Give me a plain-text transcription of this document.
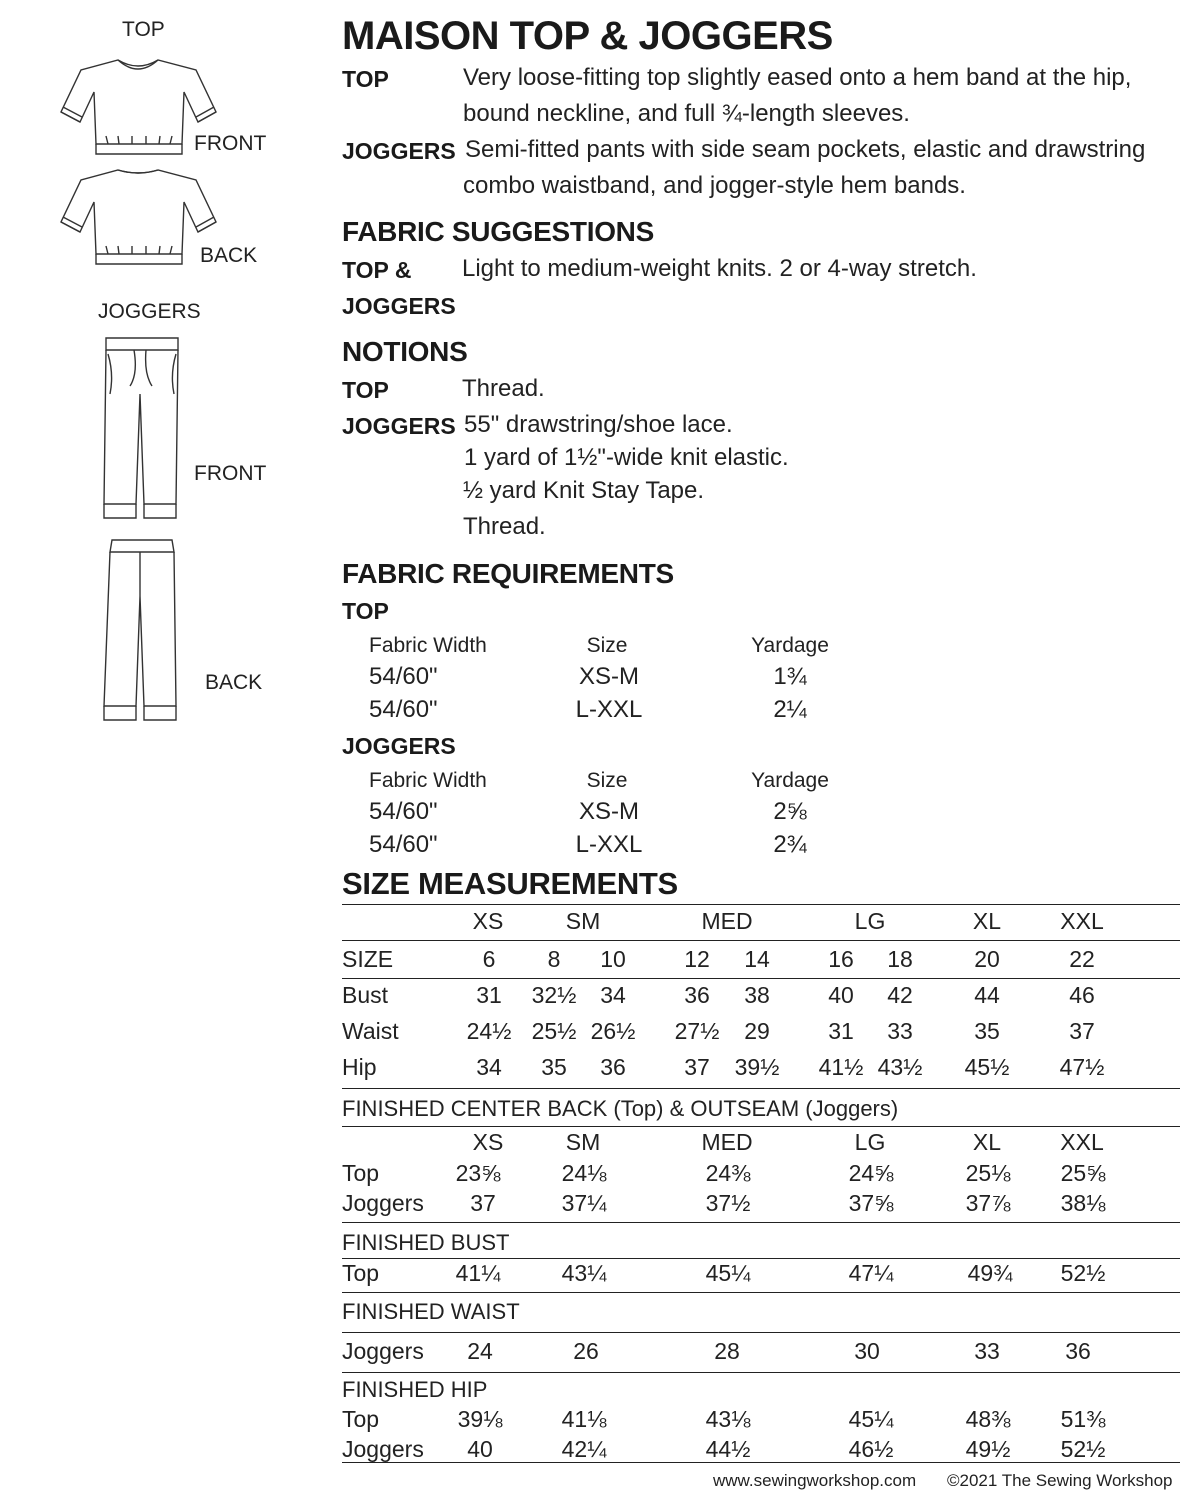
TOP
FRONT
BACK
JOGGERS
FRONT
BACK
MAISON TOP & JOGGERS
TOP	Very loose-fitting top slightly eased onto a hem band at the hip,
bound neckline, and full ¾-length sleeves.
JOGGERS Semi-fitted pants with side seam pockets, elastic and drawstring
combo waistband, and jogger-style hem bands.
FABRIC SUGGESTIONS
TOP &
JOGGERS
Light to medium-weight knits. 2 or 4-way stretch.
NOTIONS
TOP	Thread.
JOGGERS 55" drawstring/shoe lace.
1 yard of 1½"-wide knit elastic.
½ yard Knit Stay Tape.
Thread.
FABRIC REQUIREMENTS
TOP
Fabric Width	Size	Yardage
54/60"	XS-M	1¾
54/60"	L-XXL	2¼
JOGGERS
Fabric Width	Size	Yardage
54/60"	XS-M	2⅝
54/60"	L-XXL	2¾
SIZE MEASUREMENTS
XS	SM	MED	LG	XL	XXL
SIZE	6 8 10	12 14	16 18	20	22
Bust	31 32½ 34	36 38	40 42	44	46
Waist	24½ 25½ 26½ 27½ 29	31 33	35	37
Hip	34 35 36	37 39½ 41½ 43½ 45½ 47½
FINISHED CENTER BACK (Top) & OUTSEAM (Joggers)
XS	SM	MED	LG	XL	XXL
Top	23⅝	24⅛	24⅜	24⅝	25⅛ 25⅝
Joggers 37	37¼	37½	37⅝	37⅞ 38⅛
FINISHED BUST
Top	41¼	43¼	45¼	47¼	49¾ 52½
FINISHED WAIST
Joggers 24	26	28	30	33	36
FINISHED HIP
Top	39⅛	41⅛	43⅛	45¼	48⅜ 51⅜
Joggers 40	42¼	44½	46½	49½ 52½
www.sewingworkshop.com ©2021 The Sewing Workshop
